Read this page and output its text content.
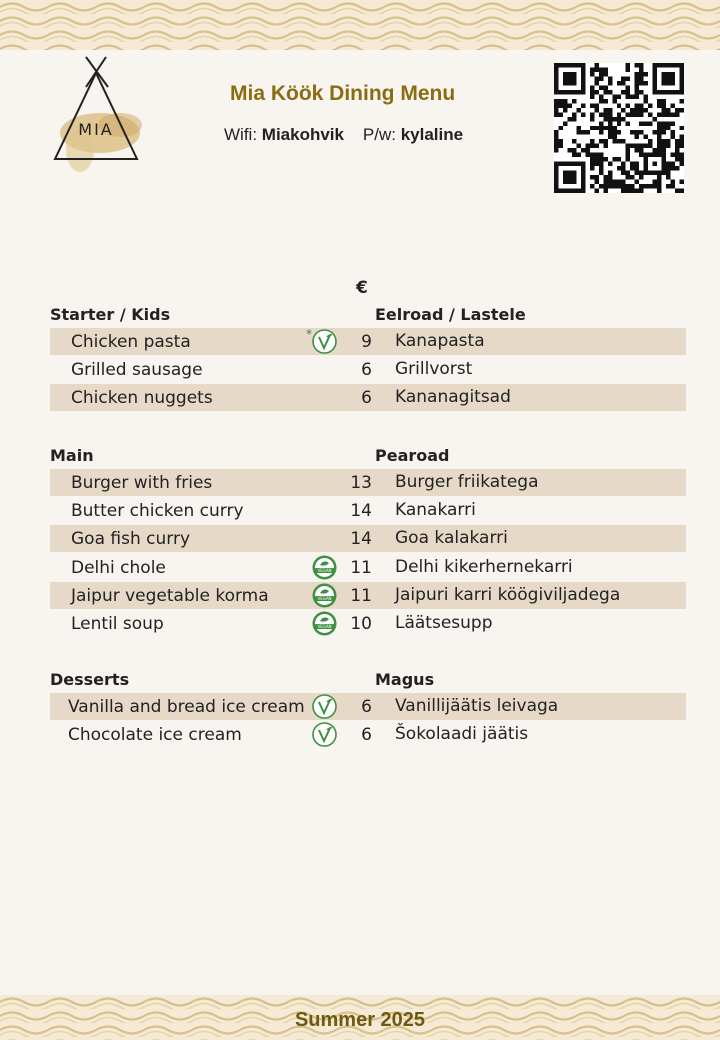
MIA
Mia Köök Dining Menu
Wifi: Miakohvik P/w: kylaline
€
Starter / Kids	Eelroad / Lastele
Chicken pasta	9 Kanapasta
*
Grilled sausage	6 Grillvorst
Chicken nuggets	6 Kananagitsad
Main	Pearoad
Burger with fries	13 Burger friikatega
Butter chicken curry	14 Kanakarri
Goa fish curry	14 Goa kalakarri
Delhi chole	11 Delhi kikerhernekarri
VEGAN
Jaipur vegetable korma	11 Jaipuri karri köögiviljadega
VEGAN
Lentil soup	10 Läätsesupp
VEGAN
Desserts	Magus
Vanilla and bread ice cream	6 Vanillijäätis leivaga
Chocolate ice cream	6 Šokolaadi jäätis
Summer 2025
